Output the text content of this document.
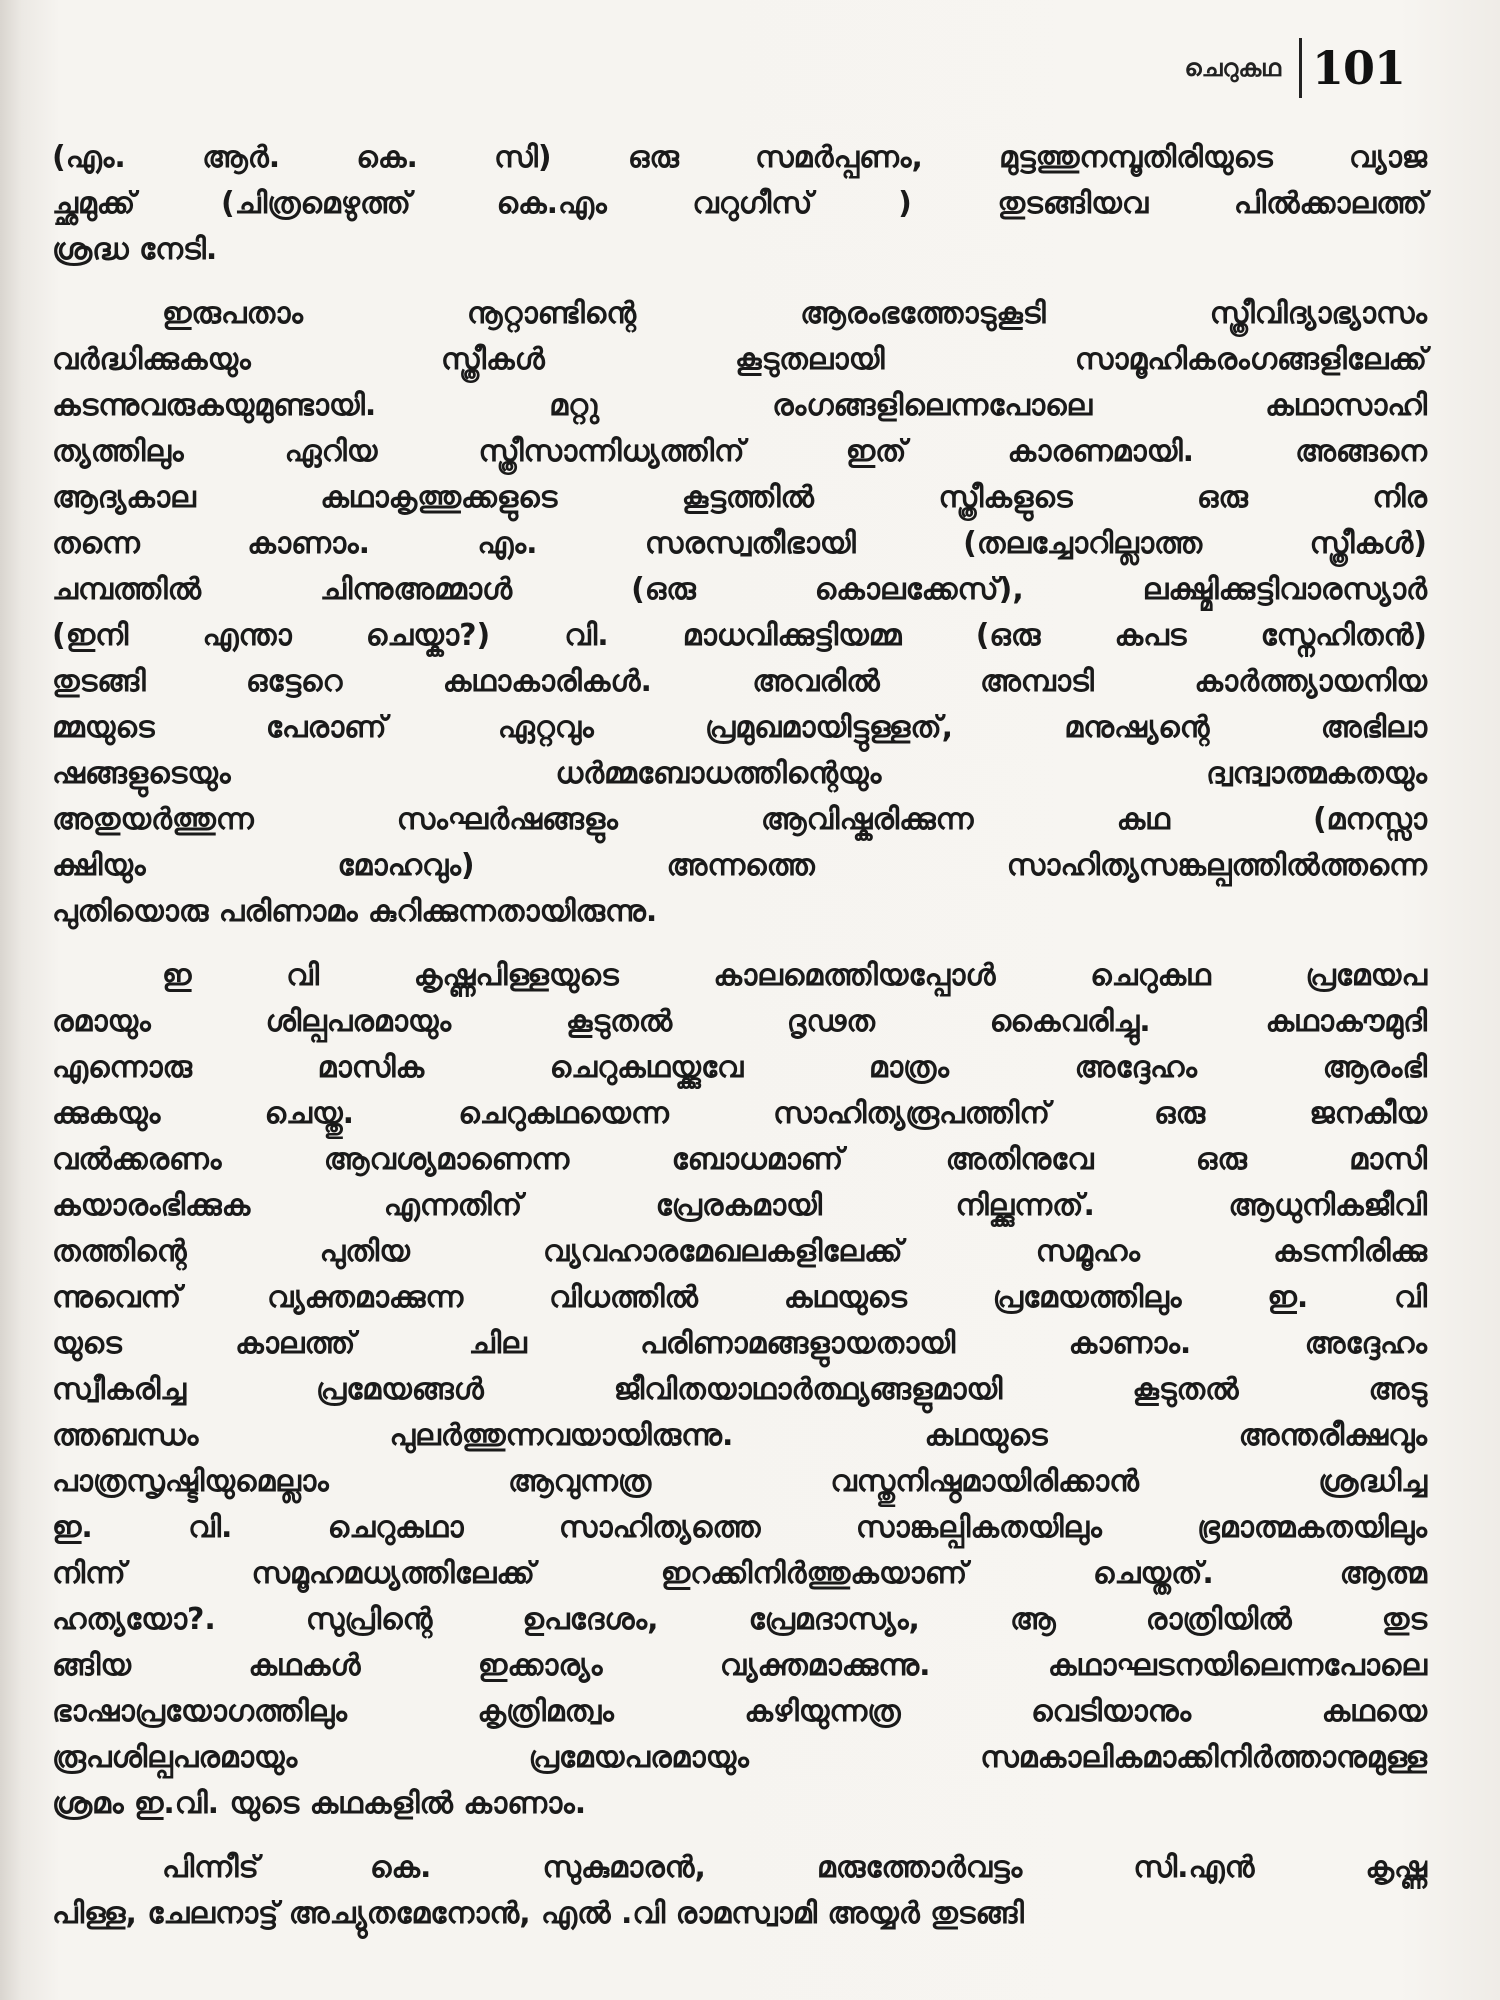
ചെറുകഥ 101
(എം. ആർ. കെ. സി) ഒരു സമർപ്പണം, മുട്ടത്തുനമ്പൂതിരിയുടെ വ്യാജ
ച്ഛമുക്ക് (ചിത്രമെഴുത്ത് കെ.എം വറുഗീസ് ) തുടങ്ങിയവ പിൽക്കാലത്ത്
ശ്രദ്ധ നേടി.
ഇരുപതാം നൂറ്റാണ്ടിന്റെ ആരംഭത്തോടുകൂടി സ്ത്രീവിദ്യാഭ്യാസം
വർദ്ധിക്കുകയും സ്ത്രീകൾ കൂടുതലായി സാമൂഹികരംഗങ്ങളിലേക്ക്
കടന്നുവരുകയുമുണ്ടായി. മറ്റു രംഗങ്ങളിലെന്നപോലെ കഥാസാഹി
ത്യത്തിലും ഏറിയ സ്ത്രീസാന്നിധ്യത്തിന് ഇത് കാരണമായി. അങ്ങനെ
ആദ്യകാല കഥാകൃത്തുക്കളുടെ കൂട്ടത്തിൽ സ്ത്രീകളുടെ ഒരു നിര
തന്നെ കാണാം. എം. സരസ്വതീഭായി (തലച്ചോറില്ലാത്ത സ്ത്രീകൾ)
ചമ്പത്തിൽ ചിന്നുഅമ്മാൾ (ഒരു കൊലക്കേസ്), ലക്ഷ്മിക്കുട്ടിവാരസ്യാർ
(ഇനി എന്താ ചെയ്കാ?) വി. മാധവിക്കുട്ടിയമ്മ (ഒരു കപട സ്നേഹിതൻ)
തുടങ്ങി ഒട്ടേറെ കഥാകാരികൾ. അവരിൽ അമ്പാടി കാർത്ത്യായനിയ
മ്മയുടെ പേരാണ് ഏറ്റവും പ്രമുഖമായിട്ടുള്ളത്, മനുഷ്യന്റെ അഭിലാ
ഷങ്ങളുടെയും ധർമ്മബോധത്തിന്റെയും ദ്വന്ദ്വാത്മകതയും
അതുയർത്തുന്ന സംഘർഷങ്ങളും ആവിഷ്കരിക്കുന്ന കഥ (മനസ്സാ
ക്ഷിയും മോഹവും) അന്നത്തെ സാഹിത്യസങ്കല്പത്തിൽത്തന്നെ
പുതിയൊരു പരിണാമം കുറിക്കുന്നതായിരുന്നു.
ഇ വി കൃഷ്ണപിള്ളയുടെ കാലമെത്തിയപ്പോൾ ചെറുകഥ പ്രമേയപ
രമായും ശില്പപരമായും കൂടുതൽ ദൃഢത കൈവരിച്ചു. കഥാകൗമുദി
എന്നൊരു മാസിക ചെറുകഥയ്ക്കുവേ മാത്രം അദ്ദേഹം ആരംഭി
ക്കുകയും ചെയ്തു. ചെറുകഥയെന്ന സാഹിത്യരൂപത്തിന് ഒരു ജനകീയ
വൽക്കരണം ആവശ്യമാണെന്ന ബോധമാണ് അതിനുവേ ഒരു മാസി
കയാരംഭിക്കുക എന്നതിന് പ്രേരകമായി നില്ക്കുന്നത്. ആധുനികജീവി
തത്തിന്റെ പുതിയ വ്യവഹാരമേഖലകളിലേക്ക് സമൂഹം കടന്നിരിക്കു
ന്നുവെന്ന് വ്യക്തമാക്കുന്ന വിധത്തിൽ കഥയുടെ പ്രമേയത്തിലും ഇ. വി
യുടെ കാലത്ത് ചില പരിണാമങ്ങളുായതായി കാണാം. അദ്ദേഹം
സ്വീകരിച്ച പ്രമേയങ്ങൾ ജീവിതയാഥാർത്ഥ്യങ്ങളുമായി കൂടുതൽ അടു
ത്തബന്ധം പുലർത്തുന്നവയായിരുന്നു. കഥയുടെ അന്തരീക്ഷവും
പാത്രസൃഷ്ടിയുമെല്ലാം ആവുന്നത്ര വസ്തുനിഷ്ഠമായിരിക്കാൻ ശ്രദ്ധിച്ച
ഇ. വി. ചെറുകഥാ സാഹിത്യത്തെ സാങ്കല്പികതയിലും ഭ്രമാത്മകതയിലും
നിന്ന് സമൂഹമധ്യത്തിലേക്ക് ഇറക്കിനിർത്തുകയാണ് ചെയ്തത്. ആത്മ
ഹത്യയോ?. സുപ്രിന്റെ ഉപദേശം, പ്രേമദാസ്യം, ആ രാത്രിയിൽ തുട
ങ്ങിയ കഥകൾ ഇക്കാര്യം വ്യക്തമാക്കുന്നു. കഥാഘടനയിലെന്നപോലെ
ഭാഷാപ്രയോഗത്തിലും കൃത്രിമത്വം കഴിയുന്നത്ര വെടിയാനും കഥയെ
രൂപശില്പപരമായും പ്രമേയപരമായും സമകാലികമാക്കിനിർത്താനുമുള്ള
ശ്രമം ഇ.വി. യുടെ കഥകളിൽ കാണാം.
പിന്നീട് കെ. സുകുമാരൻ, മരുത്തോർവട്ടം സി.എൻ കൃഷ്ണ
പിള്ള, ചേലനാട്ട് അച്യുതമേനോൻ, എൽ .വി രാമസ്വാമി അയ്യർ തുടങ്ങി
